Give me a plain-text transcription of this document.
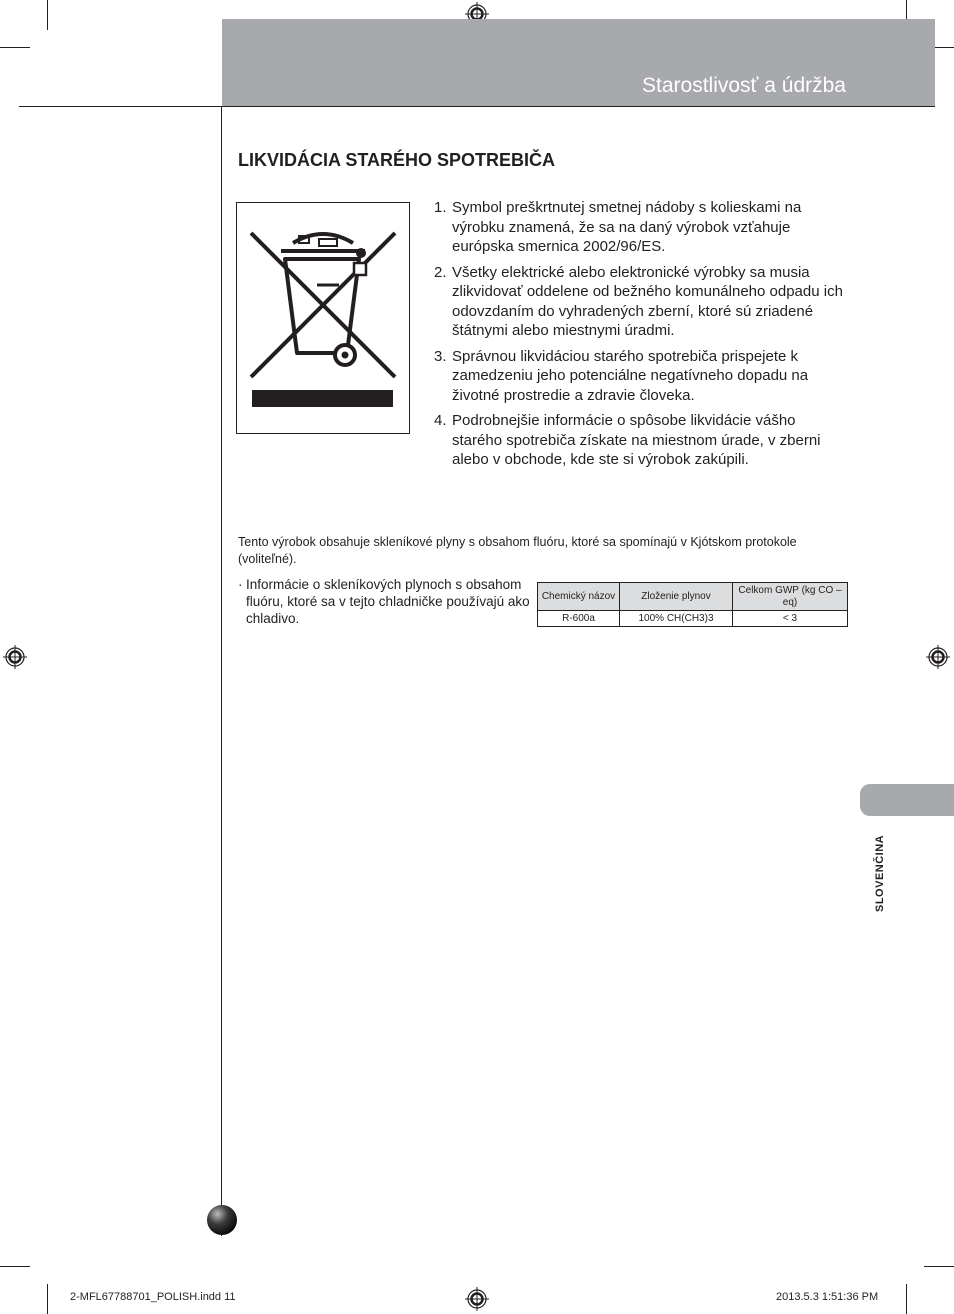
Starostlivosť a údržba
LIKVIDÁCIA STARÉHO SPOTREBIČA
1. Symbol preškrtnutej smetnej nádoby s kolieskami na výrobku znamená, že sa na daný výrobok vzťahuje európska smernica 2002/96/ES.
2. Všetky elektrické alebo elektronické výrobky sa musia zlikvidovať oddelene od bežného komunálneho odpadu ich odovzdaním do vyhradených zberní, ktoré sú zriadené štátnymi alebo miestnymi úradmi.
3. Správnou likvidáciou starého spotrebiča prispejete k zamedzeniu jeho potenciálne negatívneho dopadu na životné prostredie a zdravie človeka.
4. Podrobnejšie informácie o spôsobe likvidácie vášho starého spotrebiča získate na miestnom úrade, v zberni alebo v obchode, kde ste si výrobok zakúpili.
Tento výrobok obsahuje skleníkové plyny s obsahom fluóru, ktoré sa spomínajú v Kjótskom protokole (voliteľné).
· Informácie o skleníkových plynoch s obsahom fluóru, ktoré sa v tejto chladničke používajú ako chladivo.
Chemický názov	Zloženie plynov	Celkom GWP (kg CO –eq)
R-600a	100% CH(CH3)3	< 3
SLOVENČINA
2-MFL67788701_POLISH.indd 11	2013.5.3 1:51:36 PM
